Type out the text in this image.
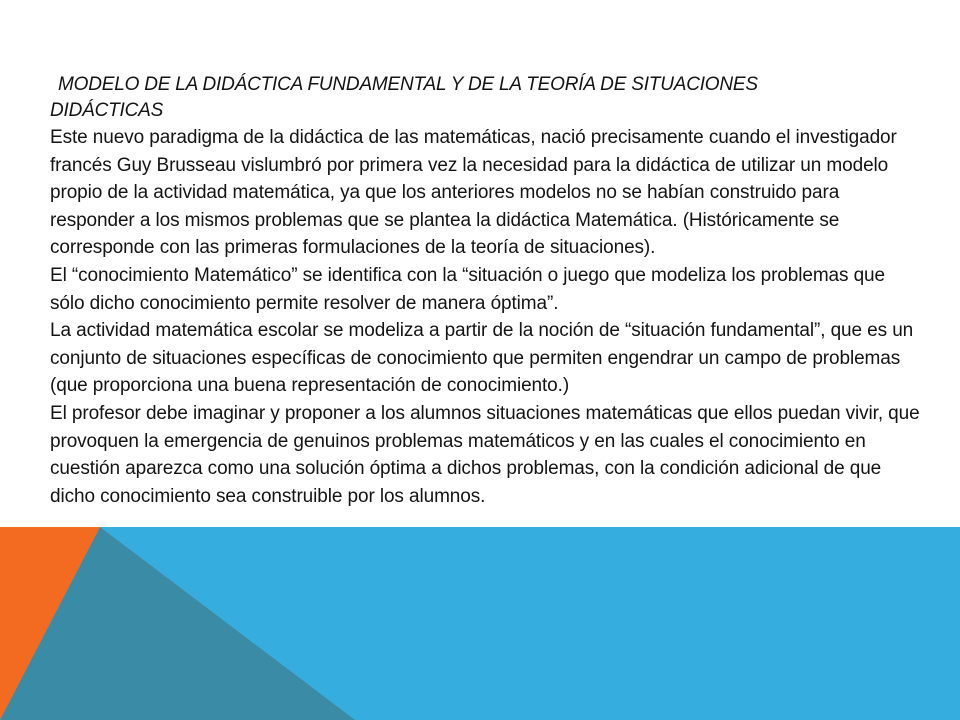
MODELO DE LA DIDÁCTICA FUNDAMENTAL Y DE LA TEORÍA DE SITUACIONES
DIDÁCTICAS

Este nuevo paradigma de la didáctica de las matemáticas, nació precisamente cuando el investigador francés Guy Brusseau vislumbró por primera vez la necesidad para la didáctica de utilizar un modelo propio de la actividad matemática, ya que los anteriores modelos no se habían construido para responder a los mismos problemas que se plantea la didáctica Matemática. (Históricamente se corresponde con las primeras formulaciones de la teoría de situaciones).

El “conocimiento Matemático” se identifica con la “situación o juego que modeliza los problemas que sólo dicho conocimiento permite resolver de manera óptima”.

La actividad matemática escolar se modeliza a partir de la noción de “situación fundamental”, que es un conjunto de situaciones específicas de conocimiento que permiten engendrar un campo de problemas (que proporciona una buena representación de conocimiento.)

El profesor debe imaginar y proponer a los alumnos situaciones matemáticas que ellos puedan vivir, que provoquen la emergencia de genuinos problemas matemáticos y en las cuales el conocimiento en cuestión aparezca como una solución óptima a dichos problemas, con la condición adicional de que dicho conocimiento sea construible por los alumnos.
